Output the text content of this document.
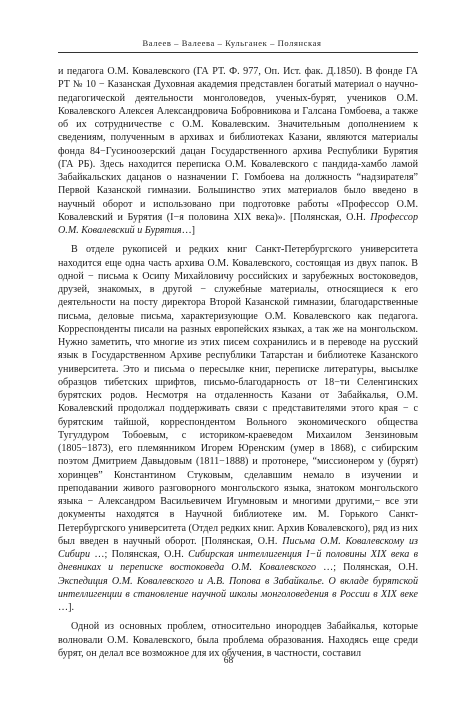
Валеев – Валеева – Кульганек – Полянская

и педагога О.М. Ковалевского (ГА РТ. Ф. 977, Оп. Ист. фак. Д.1850). В фонде ГА РТ № 10 − Казанская Духовная академия представлен богатый материал о научно-педагогической деятельности монголоведов, ученых-бурят, учеников О.М. Ковалевского Алексея Александровича Бобровникова и Галсана Гомбоева, а также об их сотрудничестве с О.М. Ковалевским. Значительным дополнением к сведениям, полученным в архивах и библиотеках Казани, являются материалы фонда 84−Гусиноозерский дацан Государственного архива Республики Бурятия (ГА РБ). Здесь находится переписка О.М. Ковалевского с пандида-хамбо ламой Забайкальских дацанов о назначении Г. Гомбоева на должность “надзирателя” Первой Казанской гимназии. Большинство этих материалов было введено в научный оборот и использовано при подготовке работы «Профессор О.М. Ковалевский и Бурятия (I−я половина XIX века)». [Полянская, О.Н. Профессор О.М. Ковалевский и Бурятия…]

В отделе рукописей и редких книг Санкт-Петербургского университета находится еще одна часть архива О.М. Ковалевского, состоящая из двух папок. В одной − письма к Осипу Михайловичу российских и зарубежных востоковедов, друзей, знакомых, в другой − служебные материалы, относящиеся к его деятельности на посту директора Второй Казанской гимназии, благодарственные письма, деловые письма, характеризующие О.М. Ковалевского как педагога. Корреспонденты писали на разных европейских языках, а так же на монгольском. Нужно заметить, что многие из этих писем сохранились и в переводе на русский язык в Государственном Архиве республики Татарстан и библиотеке Казанского университета. Это и письма о пересылке книг, переписке литературы, высылке образцов тибетских шрифтов, письмо-благодарность от 18−ти Селенгинских бурятских родов. Несмотря на отдаленность Казани от Забайкалья, О.М. Ковалевский продолжал поддерживать связи с представителями этого края − с бурятским тайшой, корреспондентом Вольного экономического общества Тугулдуром Тобоевым, с историком-краеведом Михаилом Зензиновым (1805−1873), его племянником Игорем Юренским (умер в 1868), с сибирским поэтом Дмитрием Давыдовым (1811−1888) и протонере, “миссионером у (бурят) хоринцев” Константином Стуковым, сделавшим немало в изучении и преподавании живого разговорного монгольского языка, знатоком монгольского языка − Александром Васильевичем Игумновым и многими другими,− все эти документы находятся в Научной библиотеке им. М. Горького Санкт-Петербургского университета (Отдел редких книг. Архив Ковалевского), ряд из них был введен в научный оборот. [Полянская, О.Н. Письма О.М. Ковалевскому из Сибири …; Полянская, О.Н. Сибирская интеллигенция I−й половины XIX века в дневниках и переписке востоковеда О.М. Ковалевского …; Полянская, О.Н. Экспедиция О.М. Ковалевского и А.В. Попова в Забайкалье. О вкладе бурятской интеллигенции в становление научной школы монголоведения в России в XIX веке …].

Одной из основных проблем, относительно инородцев Забайкалья, которые волновали О.М. Ковалевского, была проблема образования. Находясь еще среди бурят, он делал все возможное для их обучения, в частности, составил

68
